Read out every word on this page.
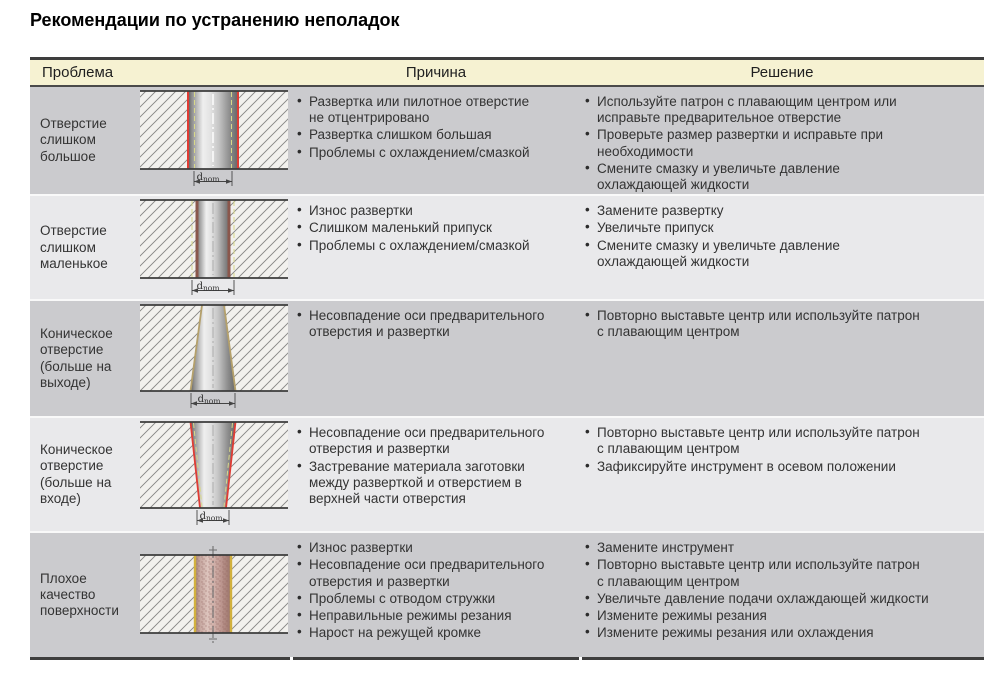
Рекомендации по устранению неполадок
Проблема	Причина	Решение
Отверстие слишком большое
dnom
• Развертка или пилотное отверстие не отцентрировано
• Развертка слишком большая
• Проблемы с охлаждением/смазкой
• Используйте патрон с плавающим центром или исправьте предварительное отверстие
• Проверьте размер развертки и исправьте при необходимости
• Смените смазку и увеличьте давление охлаждающей жидкости
Отверстие слишком маленькое
dnom
• Износ развертки
• Слишком маленький припуск
• Проблемы с охлаждением/смазкой
• Замените развертку
• Увеличьте припуск
• Смените смазку и увеличьте давление охлаждающей жидкости
Коническое отверстие (больше на выходе)
dnom
• Несовпадение оси предварительного отверстия и развертки
• Повторно выставьте центр или используйте патрон с плавающим центром
Коническое отверстие (больше на входе)
dnom
• Несовпадение оси предварительного отверстия и развертки
• Застревание материала заготовки между разверткой и отверстием в верхней части отверстия
• Повторно выставьте центр или используйте патрон с плавающим центром
• Зафиксируйте инструмент в осевом положении
Плохое качество поверхности
• Износ развертки
• Несовпадение оси предварительного отверстия и развертки
• Проблемы с отводом стружки
• Неправильные режимы резания
• Нарост на режущей кромке
• Замените инструмент
• Повторно выставьте центр или используйте патрон с плавающим центром
• Увеличьте давление подачи охлаждающей жидкости
• Измените режимы резания
• Измените режимы резания или охлаждения
